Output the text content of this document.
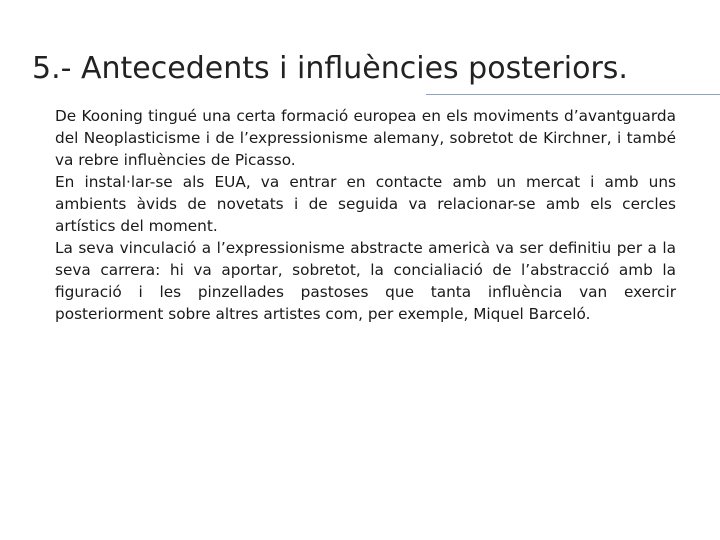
5.- Antecedents i influències posteriors.

De Kooning tingué una certa formació europea en els moviments d’avantguarda del Neoplasticisme i de l’expressionisme alemany, sobretot de Kirchner, i també va rebre influències de Picasso.

En instal·lar-se als EUA, va entrar en contacte amb un mercat i amb uns ambients àvids de novetats i de seguida va relacionar-se amb els cercles artístics del moment.

La seva vinculació a l’expressionisme abstracte americà va ser definitiu per a la seva carrera: hi va aportar, sobretot, la concialiació de l’abstracció amb la figuració i les pinzellades pastoses que tanta influència van exercir posteriorment sobre altres artistes com, per exemple, Miquel Barceló.
